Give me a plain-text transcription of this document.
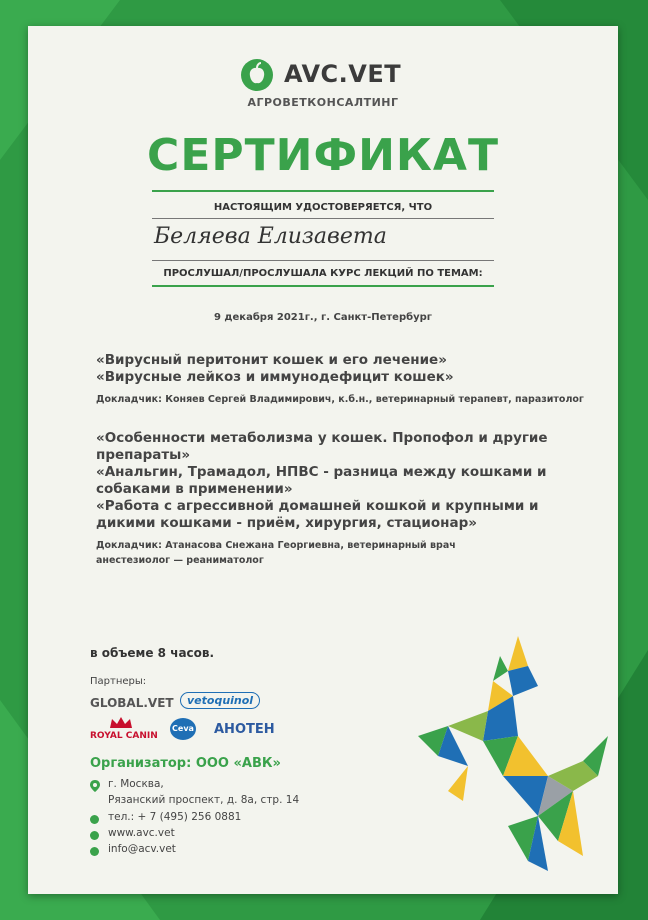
AVC.VET
АГРОВЕТКОНСАЛТИНГ
СЕРТИФИКАТ
НАСТОЯЩИМ УДОСТОВЕРЯЕТСЯ, ЧТО
Беляева Елизавета
ПРОСЛУШАЛ/ПРОСЛУШАЛА КУРС ЛЕКЦИЙ ПО ТЕМАМ:
9 декабря 2021г., г. Санкт-Петербург
«Вирусный перитонит кошек и его лечение»
«Вирусные лейкоз и иммунодефицит кошек»
Докладчик: Коняев Сергей Владимирович, к.б.н., ветеринарный терапевт, паразитолог
«Особенности метаболизма у кошек. Пропофол и другие
препараты»
«Анальгин, Трамадол, НПВС - разница между кошками и
собаками в применении»
«Работа с агрессивной домашней кошкой и крупными и
дикими кошками - приём, хирургия, стационар»
Докладчик: Атанасова Снежана Георгиевна, ветеринарный врач
анестезиолог — реаниматолог
в объеме 8 часов.
Партнеры:
GLOBAL.VET	vetoquinol
ROYAL CANIN
Ceva АНОТЕН
Организатор: ООО «АВК»
г. Москва,
Рязанский проспект, д. 8а, стр. 14
тел.: + 7 (495) 256 0881
www.avc.vet
info@acv.vet
